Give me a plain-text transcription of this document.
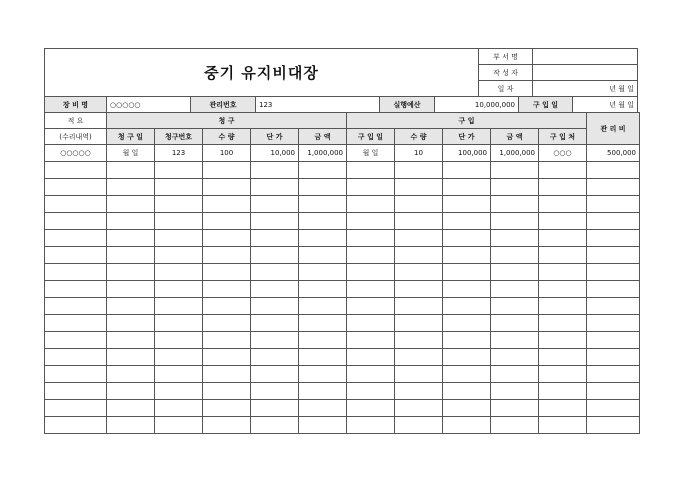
중기 유지비대장	부 서 명	
	작 성 자	
	일 자	년 월 일
장 비 명	○○○○○	관리번호	123	실행예산	10,000,000	구 입 일	년 월 일
적 요	청 구					구 입					관 리 비
(수리내역)	청 구 일	청구번호	수 량	단 가	금 액	구 입 일	수 량	단 가	금 액	구 입 처	
○○○○○	월 일	123	100	10,000	1,000,000	월 일	10	100,000	1,000,000	○○○	500,000
